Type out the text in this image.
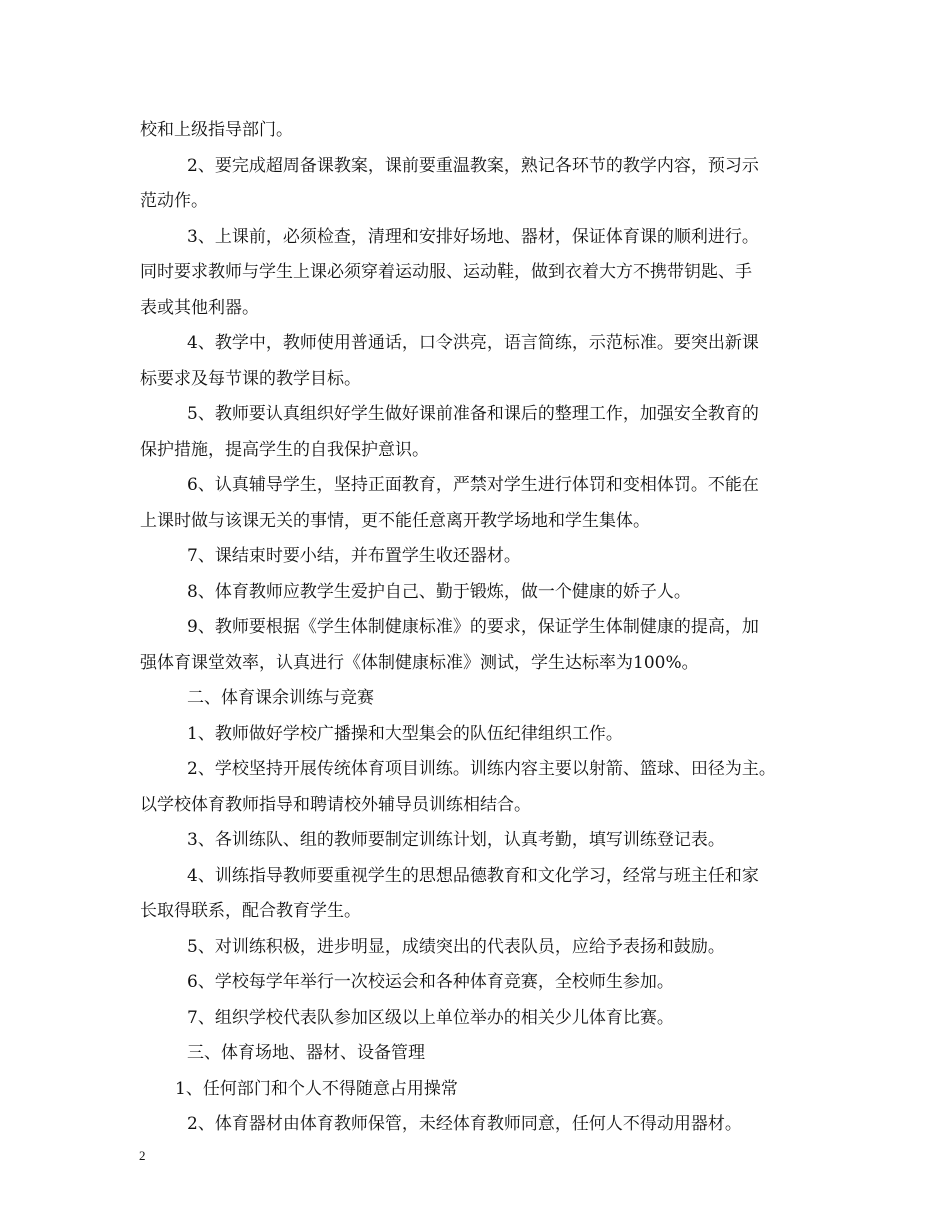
校和上级指导部门。
2、要完成超周备课教案，课前要重温教案，熟记各环节的教学内容，预习示
范动作。
3、上课前，必须检查，清理和安排好场地、器材，保证体育课的顺利进行。
同时要求教师与学生上课必须穿着运动服、运动鞋，做到衣着大方不携带钥匙、手
表或其他利器。
4、教学中，教师使用普通话，口令洪亮，语言简练，示范标准。要突出新课
标要求及每节课的教学目标。
5、教师要认真组织好学生做好课前准备和课后的整理工作，加强安全教育的
保护措施，提高学生的自我保护意识。
6、认真辅导学生，坚持正面教育，严禁对学生进行体罚和变相体罚。不能在
上课时做与该课无关的事情，更不能任意离开教学场地和学生集体。
7、课结束时要小结，并布置学生收还器材。
8、体育教师应教学生爱护自己、勤于锻炼，做一个健康的娇子人。
9、教师要根据《学生体制健康标准》的要求，保证学生体制健康的提高，加
强体育课堂效率，认真进行《体制健康标准》测试，学生达标率为100%。
二、体育课余训练与竞赛
1、教师做好学校广播操和大型集会的队伍纪律组织工作。
2、学校坚持开展传统体育项目训练。训练内容主要以射箭、篮球、田径为主。
以学校体育教师指导和聘请校外辅导员训练相结合。
3、各训练队、组的教师要制定训练计划，认真考勤，填写训练登记表。
4、训练指导教师要重视学生的思想品德教育和文化学习，经常与班主任和家
长取得联系，配合教育学生。
5、对训练积极，进步明显，成绩突出的代表队员，应给予表扬和鼓励。
6、学校每学年举行一次校运会和各种体育竞赛，全校师生参加。
7、组织学校代表队参加区级以上单位举办的相关少儿体育比赛。
三、体育场地、器材、设备管理
1、任何部门和个人不得随意占用操常
2、体育器材由体育教师保管，未经体育教师同意，任何人不得动用器材。
2
